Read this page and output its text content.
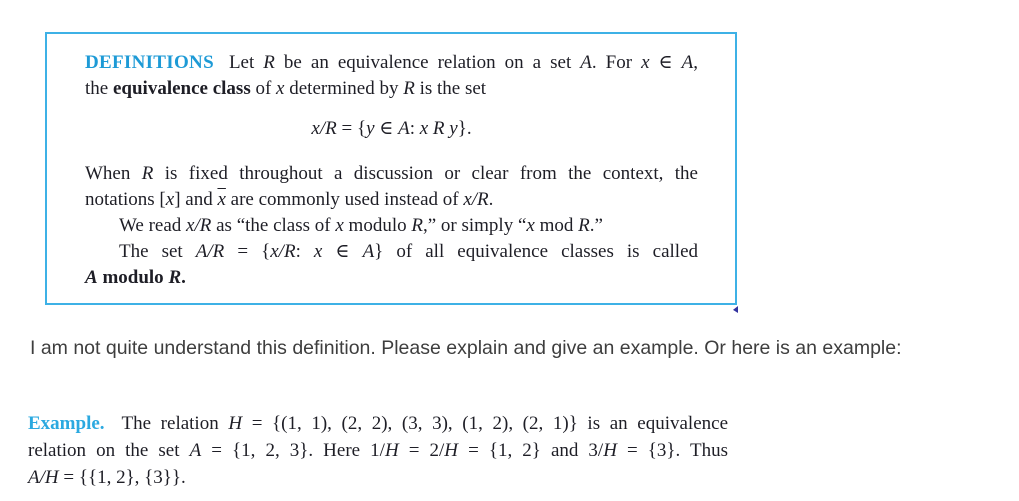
DEFINITIONS Let R be an equivalence relation on a set A. For x ∈ A,
the equivalence class of x determined by R is the set
x/R = {y ∈ A: x R y}.
When R is fixed throughout a discussion or clear from the context, the
notations [x] and $\overline{x}$ are commonly used instead of x/R.
We read x/R as “the class of x modulo R,” or simply “x mod R.”
The set A/R = {x/R: x ∈ A} of all equivalence classes is called
A modulo R.
I am not quite understand this definition. Please explain and give an example. Or here is an example:
Example. The relation H = {(1, 1), (2, 2), (3, 3), (1, 2), (2, 1)} is an equivalence
relation on the set A = {1, 2, 3}. Here 1/H = 2/H = {1, 2} and 3/H = {3}. Thus
A/H = {{1, 2}, {3}}.
